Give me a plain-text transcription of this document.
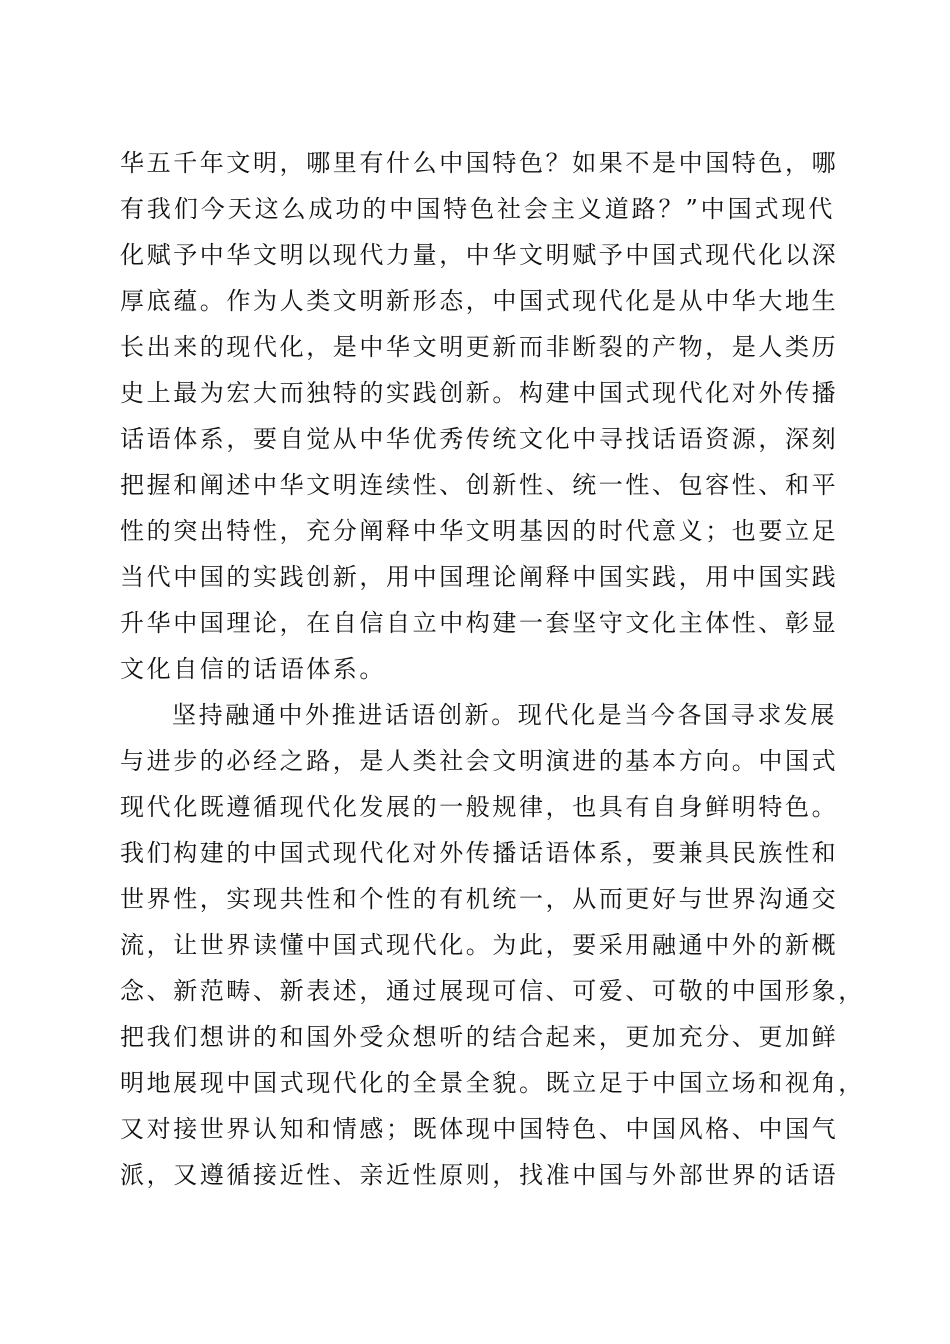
华五千年文明，哪里有什么中国特色？如果不是中国特色，哪
有我们今天这么成功的中国特色社会主义道路？”中国式现代
化赋予中华文明以现代力量，中华文明赋予中国式现代化以深
厚底蕴。作为人类文明新形态，中国式现代化是从中华大地生
长出来的现代化，是中华文明更新而非断裂的产物，是人类历
史上最为宏大而独特的实践创新。构建中国式现代化对外传播
话语体系，要自觉从中华优秀传统文化中寻找话语资源，深刻
把握和阐述中华文明连续性、创新性、统一性、包容性、和平
性的突出特性，充分阐释中华文明基因的时代意义；也要立足
当代中国的实践创新，用中国理论阐释中国实践，用中国实践
升华中国理论，在自信自立中构建一套坚守文化主体性、彰显
文化自信的话语体系。
坚持融通中外推进话语创新。现代化是当今各国寻求发展
与进步的必经之路，是人类社会文明演进的基本方向。中国式
现代化既遵循现代化发展的一般规律，也具有自身鲜明特色。
我们构建的中国式现代化对外传播话语体系，要兼具民族性和
世界性，实现共性和个性的有机统一，从而更好与世界沟通交
流，让世界读懂中国式现代化。为此，要采用融通中外的新概
念、新范畴、新表述，通过展现可信、可爱、可敬的中国形象，
把我们想讲的和国外受众想听的结合起来，更加充分、更加鲜
明地展现中国式现代化的全景全貌。既立足于中国立场和视角，
又对接世界认知和情感；既体现中国特色、中国风格、中国气
派，又遵循接近性、亲近性原则，找准中国与外部世界的话语
